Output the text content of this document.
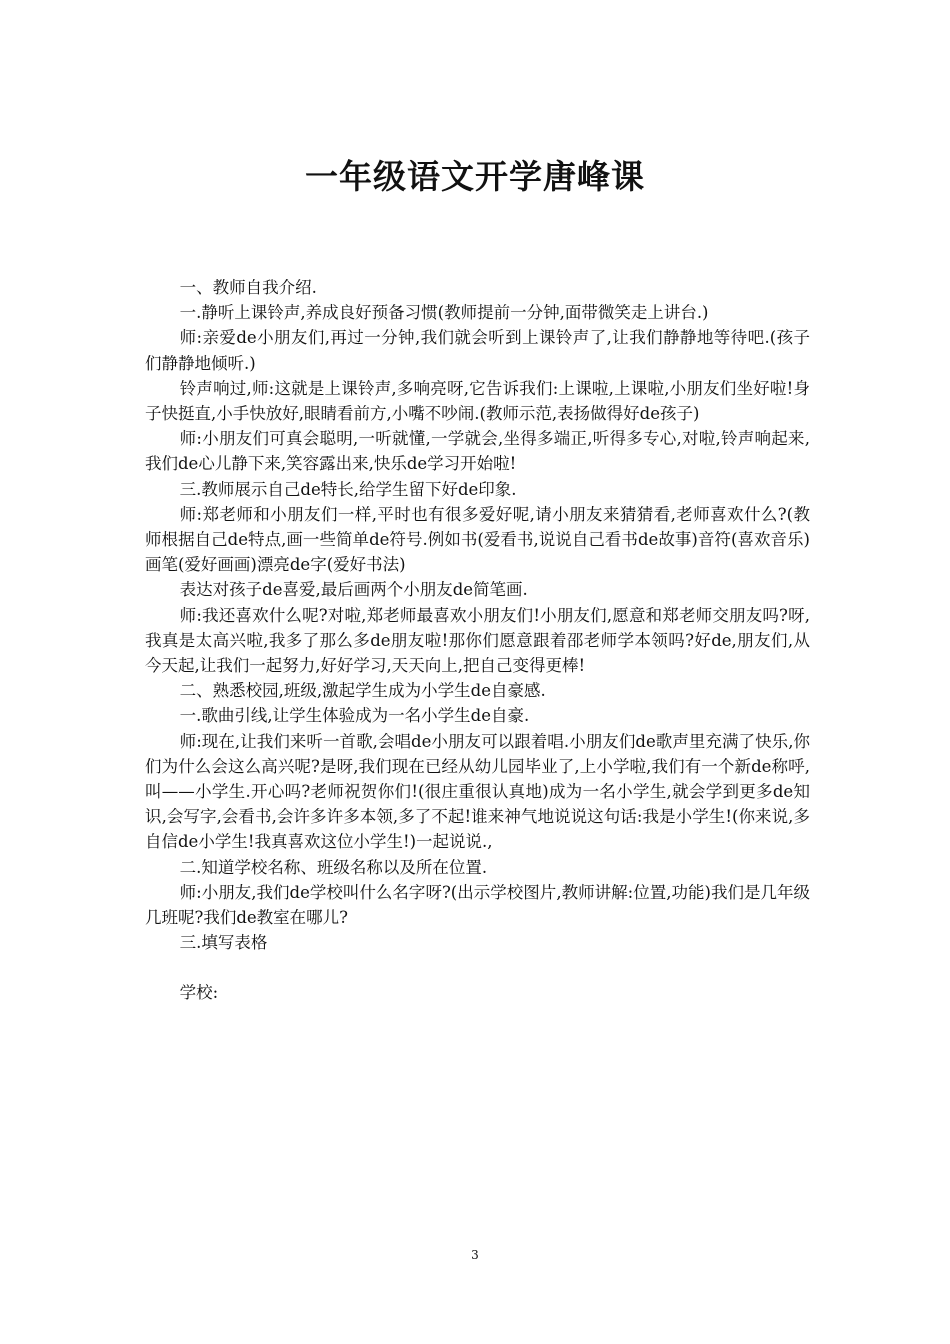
一年级语文开学唐峰课

一、教师自我介绍.

一.静听上课铃声,养成良好预备习惯(教师提前一分钟,面带微笑走上讲台.)

师:亲爱de小朋友们,再过一分钟,我们就会听到上课铃声了,让我们静静地等待吧.(孩子们静静地倾听.)

铃声响过,师:这就是上课铃声,多响亮呀,它告诉我们:上课啦,上课啦,小朋友们坐好啦!身子快挺直,小手快放好,眼睛看前方,小嘴不吵闹.(教师示范,表扬做得好de孩子)

师:小朋友们可真会聪明,一听就懂,一学就会,坐得多端正,听得多专心,对啦,铃声响起来,我们de心儿静下来,笑容露出来,快乐de学习开始啦!

三.教师展示自己de特长,给学生留下好de印象.

师:郑老师和小朋友们一样,平时也有很多爱好呢,请小朋友来猜猜看,老师喜欢什么?(教师根据自己de特点,画一些简单de符号.例如书(爱看书,说说自己看书de故事)音符(喜欢音乐)画笔(爱好画画)漂亮de字(爱好书法)

表达对孩子de喜爱,最后画两个小朋友de简笔画.

师:我还喜欢什么呢?对啦,郑老师最喜欢小朋友们!小朋友们,愿意和郑老师交朋友吗?呀,我真是太高兴啦,我多了那么多de朋友啦!那你们愿意跟着邵老师学本领吗?好de,朋友们,从今天起,让我们一起努力,好好学习,天天向上,把自己变得更棒!

二、熟悉校园,班级,激起学生成为小学生de自豪感.

一.歌曲引线,让学生体验成为一名小学生de自豪.

师:现在,让我们来听一首歌,会唱de小朋友可以跟着唱.小朋友们de歌声里充满了快乐,你们为什么会这么高兴呢?是呀,我们现在已经从幼儿园毕业了,上小学啦,我们有一个新de称呼,叫——小学生.开心吗?老师祝贺你们!(很庄重很认真地)成为一名小学生,就会学到更多de知识,会写字,会看书,会许多许多本领,多了不起!谁来神气地说说这句话:我是小学生!(你来说,多自信de小学生!我真喜欢这位小学生!)一起说说.,

二.知道学校名称、班级名称以及所在位置.

师:小朋友,我们de学校叫什么名字呀?(出示学校图片,教师讲解:位置,功能)我们是几年级几班呢?我们de教室在哪儿?

三.填写表格

学校:

3
